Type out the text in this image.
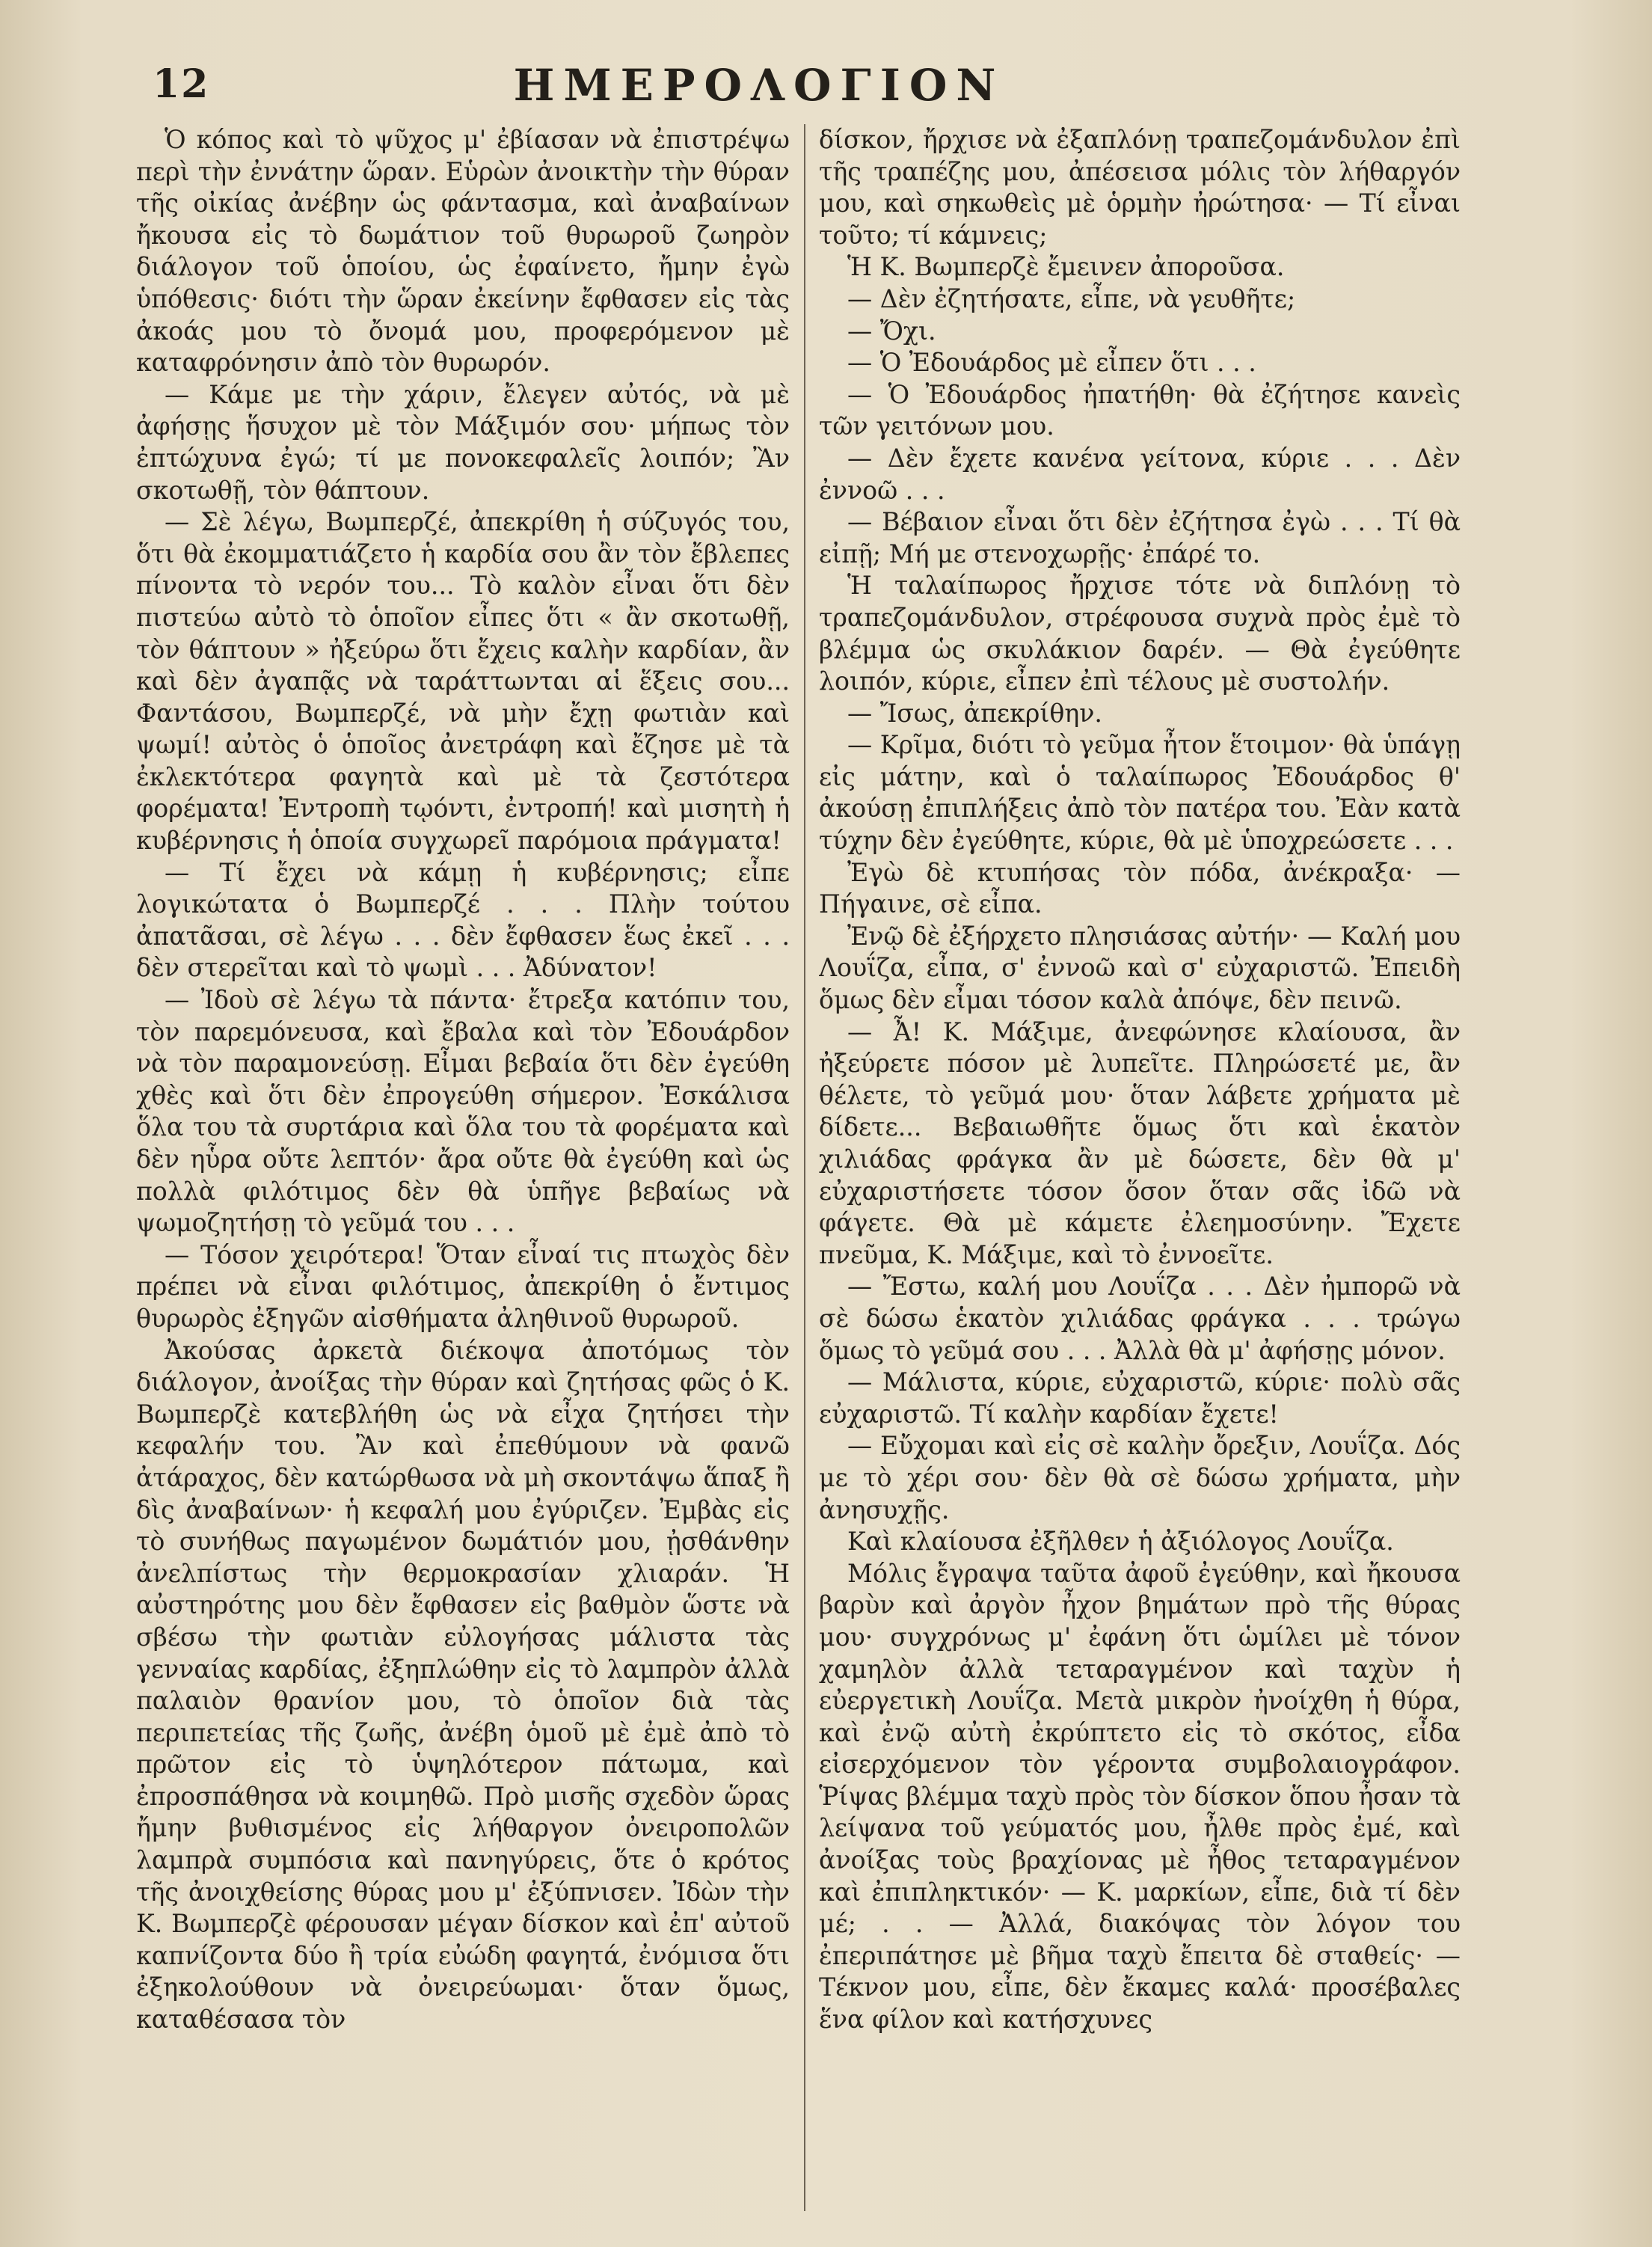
12	ΗΜΕΡΟΛΟΓΙΟΝ

Ὁ κόπος καὶ τὸ ψῦχος μ' ἐβίασαν νὰ ἐπιστρέψω περὶ τὴν ἐννάτην ὥραν. Εὑρὼν ἀνοικτὴν τὴν θύραν τῆς οἰκίας ἀνέβην ὡς φάντασμα, καὶ ἀναβαίνων ἤκουσα εἰς τὸ δωμάτιον τοῦ θυρωροῦ ζωηρὸν διάλογον τοῦ ὁποίου, ὡς ἐφαίνετο, ἤμην ἐγὼ ὑπόθεσις· διότι τὴν ὥραν ἐκείνην ἔφθασεν εἰς τὰς ἀκοάς μου τὸ ὄνομά μου, προφερόμενον μὲ καταφρόνησιν ἀπὸ τὸν θυρωρόν.

— Κάμε με τὴν χάριν, ἔλεγεν αὐτός, νὰ μὲ ἀφήσῃς ἥσυχον μὲ τὸν Μάξιμόν σου· μήπως τὸν ἐπτώχυνα ἐγώ; τί με πονοκεφαλεῖς λοιπόν; Ἂν σκοτωθῇ, τὸν θάπτουν.

— Σὲ λέγω, Βωμπερζέ, ἀπεκρίθη ἡ σύζυγός του, ὅτι θὰ ἐκομματιάζετο ἡ καρδία σου ἂν τὸν ἔβλεπες πίνοντα τὸ νερόν του... Τὸ καλὸν εἶναι ὅτι δὲν πιστεύω αὐτὸ τὸ ὁποῖον εἶπες ὅτι « ἂν σκοτωθῇ, τὸν θάπτουν » ἠξεύρω ὅτι ἔχεις καλὴν καρδίαν, ἂν καὶ δὲν ἀγαπᾷς νὰ ταράττωνται αἱ ἕξεις σου... Φαντάσου, Βωμπερζέ, νὰ μὴν ἔχῃ φωτιὰν καὶ ψωμί! αὐτὸς ὁ ὁποῖος ἀνετράφη καὶ ἔζησε μὲ τὰ ἐκλεκτότερα φαγητὰ καὶ μὲ τὰ ζεστότερα φορέματα! Ἐντροπὴ τῳόντι, ἐντροπή! καὶ μισητὴ ἡ κυβέρνησις ἡ ὁποία συγχωρεῖ παρόμοια πράγματα!

— Τί ἔχει νὰ κάμῃ ἡ κυβέρνησις; εἶπε λογικώτατα ὁ Βωμπερζέ . . . Πλὴν τούτου ἀπατᾶσαι, σὲ λέγω . . . δὲν ἔφθασεν ἕως ἐκεῖ . . . δὲν στερεῖται καὶ τὸ ψωμὶ . . . Ἀδύνατον!

— Ἰδοὺ σὲ λέγω τὰ πάντα· ἔτρεξα κατόπιν του, τὸν παρεμόνευσα, καὶ ἔβαλα καὶ τὸν Ἐδουάρδον νὰ τὸν παραμονεύσῃ. Εἶμαι βεβαία ὅτι δὲν ἐγεύθη χθὲς καὶ ὅτι δὲν ἐπρογεύθη σήμερον. Ἐσκάλισα ὅλα του τὰ συρτάρια καὶ ὅλα του τὰ φορέματα καὶ δὲν ηὗρα οὔτε λεπτόν· ἄρα οὔτε θὰ ἐγεύθη καὶ ὡς πολλὰ φιλότιμος δὲν θὰ ὑπῆγε βεβαίως νὰ ψωμοζητήσῃ τὸ γεῦμά του . . .

— Τόσον χειρότερα! Ὅταν εἶναί τις πτωχὸς δὲν πρέπει νὰ εἶναι φιλότιμος, ἀπεκρίθη ὁ ἔντιμος θυρωρὸς ἐξηγῶν αἰσθήματα ἀληθινοῦ θυρωροῦ.

Ἀκούσας ἀρκετὰ διέκοψα ἀποτόμως τὸν διάλογον, ἀνοίξας τὴν θύραν καὶ ζητήσας φῶς ὁ Κ. Βωμπερζὲ κατεβλήθη ὡς νὰ εἶχα ζητήσει τὴν κεφαλήν του. Ἂν καὶ ἐπεθύμουν νὰ φανῶ ἀτάραχος, δὲν κατώρθωσα νὰ μὴ σκοντάψω ἅπαξ ἢ δὶς ἀναβαίνων· ἡ κεφαλή μου ἐγύριζεν. Ἐμβὰς εἰς τὸ συνήθως παγωμένον δωμάτιόν μου, ᾐσθάνθην ἀνελπίστως τὴν θερμοκρασίαν χλιαράν. Ἡ αὐστηρότης μου δὲν ἔφθασεν εἰς βαθμὸν ὥστε νὰ σβέσω τὴν φωτιὰν εὐλογήσας μάλιστα τὰς γενναίας καρδίας, ἐξηπλώθην εἰς τὸ λαμπρὸν ἀλλὰ παλαιὸν θρανίον μου, τὸ ὁποῖον διὰ τὰς περιπετείας τῆς ζωῆς, ἀνέβη ὁμοῦ μὲ ἐμὲ ἀπὸ τὸ πρῶτον εἰς τὸ ὑψηλότερον πάτωμα, καὶ ἐπροσπάθησα νὰ κοιμηθῶ. Πρὸ μισῆς σχεδὸν ὥρας ἤμην βυθισμένος εἰς λήθαργον ὀνειροπολῶν λαμπρὰ συμπόσια καὶ πανηγύρεις, ὅτε ὁ κρότος τῆς ἀνοιχθείσης θύρας μου μ' ἐξύπνισεν. Ἰδὼν τὴν Κ. Βωμπερζὲ φέρουσαν μέγαν δίσκον καὶ ἐπ' αὐτοῦ καπνίζοντα δύο ἢ τρία εὐώδη φαγητά, ἐνόμισα ὅτι ἐξηκολούθουν νὰ ὀνειρεύωμαι· ὅταν ὅμως, καταθέσασα τὸν

δίσκον, ἤρχισε νὰ ἐξαπλόνῃ τραπεζομάνδυλον ἐπὶ τῆς τραπέζης μου, ἀπέσεισα μόλις τὸν λήθαργόν μου, καὶ σηκωθεὶς μὲ ὁρμὴν ἠρώτησα· — Τί εἶναι τοῦτο; τί κάμνεις;

Ἡ Κ. Βωμπερζὲ ἔμεινεν ἀποροῦσα.

— Δὲν ἐζητήσατε, εἶπε, νὰ γευθῆτε;

— Ὄχι.

— Ὁ Ἐδουάρδος μὲ εἶπεν ὅτι . . .

— Ὁ Ἐδουάρδος ἠπατήθη· θὰ ἐζήτησε κανεὶς τῶν γειτόνων μου.

— Δὲν ἔχετε κανένα γείτονα, κύριε . . . Δὲν ἐννοῶ . . .

— Βέβαιον εἶναι ὅτι δὲν ἐζήτησα ἐγὼ . . . Τί θὰ εἰπῇ; Μή με στενοχωρῇς· ἐπάρέ το.

Ἡ ταλαίπωρος ἤρχισε τότε νὰ διπλόνῃ τὸ τραπεζομάνδυλον, στρέφουσα συχνὰ πρὸς ἐμὲ τὸ βλέμμα ὡς σκυλάκιον δαρέν. — Θὰ ἐγεύθητε λοιπόν, κύριε, εἶπεν ἐπὶ τέλους μὲ συστολήν.

— Ἴσως, ἀπεκρίθην.

— Κρῖμα, διότι τὸ γεῦμα ἦτον ἕτοιμον· θὰ ὑπάγῃ εἰς μάτην, καὶ ὁ ταλαίπωρος Ἐδουάρδος θ' ἀκούσῃ ἐπιπλήξεις ἀπὸ τὸν πατέρα του. Ἐὰν κατὰ τύχην δὲν ἐγεύθητε, κύριε, θὰ μὲ ὑποχρεώσετε . . .

Ἐγὼ δὲ κτυπήσας τὸν πόδα, ἀνέκραξα· — Πήγαινε, σὲ εἶπα.

Ἐνῷ δὲ ἐξήρχετο πλησιάσας αὐτήν· — Καλή μου Λουΐζα, εἶπα, σ' ἐννοῶ καὶ σ' εὐχαριστῶ. Ἐπειδὴ ὅμως δὲν εἶμαι τόσον καλὰ ἀπόψε, δὲν πεινῶ.

— Ἆ! Κ. Μάξιμε, ἀνεφώνησε κλαίουσα, ἂν ἠξεύρετε πόσον μὲ λυπεῖτε. Πληρώσετέ με, ἂν θέλετε, τὸ γεῦμά μου· ὅταν λάβετε χρήματα μὲ δίδετε... Βεβαιωθῆτε ὅμως ὅτι καὶ ἑκατὸν χιλιάδας φράγκα ἂν μὲ δώσετε, δὲν θὰ μ' εὐχαριστήσετε τόσον ὅσον ὅταν σᾶς ἰδῶ νὰ φάγετε. Θὰ μὲ κάμετε ἐλεημοσύνην. Ἔχετε πνεῦμα, Κ. Μάξιμε, καὶ τὸ ἐννοεῖτε.

— Ἔστω, καλή μου Λουΐζα . . . Δὲν ἠμπορῶ νὰ σὲ δώσω ἑκατὸν χιλιάδας φράγκα . . . τρώγω ὅμως τὸ γεῦμά σου . . . Ἀλλὰ θὰ μ' ἀφήσῃς μόνον.

— Μάλιστα, κύριε, εὐχαριστῶ, κύριε· πολὺ σᾶς εὐχαριστῶ. Τί καλὴν καρδίαν ἔχετε!

— Εὔχομαι καὶ εἰς σὲ καλὴν ὄρεξιν, Λουΐζα. Δός με τὸ χέρι σου· δὲν θὰ σὲ δώσω χρήματα, μὴν ἀνησυχῇς.

Καὶ κλαίουσα ἐξῆλθεν ἡ ἀξιόλογος Λουΐζα.

Μόλις ἔγραψα ταῦτα ἀφοῦ ἐγεύθην, καὶ ἤκουσα βαρὺν καὶ ἀργὸν ἦχον βημάτων πρὸ τῆς θύρας μου· συγχρόνως μ' ἐφάνη ὅτι ὡμίλει μὲ τόνον χαμηλὸν ἀλλὰ τεταραγμένον καὶ ταχὺν ἡ εὐεργετικὴ Λουΐζα. Μετὰ μικρὸν ἠνοίχθη ἡ θύρα, καὶ ἐνῷ αὐτὴ ἐκρύπτετο εἰς τὸ σκότος, εἶδα εἰσερχόμενον τὸν γέροντα συμβολαιογράφον. Ῥίψας βλέμμα ταχὺ πρὸς τὸν δίσκον ὅπου ἦσαν τὰ λείψανα τοῦ γεύματός μου, ἦλθε πρὸς ἐμέ, καὶ ἀνοίξας τοὺς βραχίονας μὲ ἦθος τεταραγμένον καὶ ἐπιπληκτικόν· — Κ. μαρκίων, εἶπε, διὰ τί δὲν μέ; . . — Ἀλλά, διακόψας τὸν λόγον του ἐπεριπάτησε μὲ βῆμα ταχὺ ἔπειτα δὲ σταθείς· — Τέκνον μου, εἶπε, δὲν ἔκαμες καλά· προσέβαλες ἕνα φίλον καὶ κατήσχυνες
